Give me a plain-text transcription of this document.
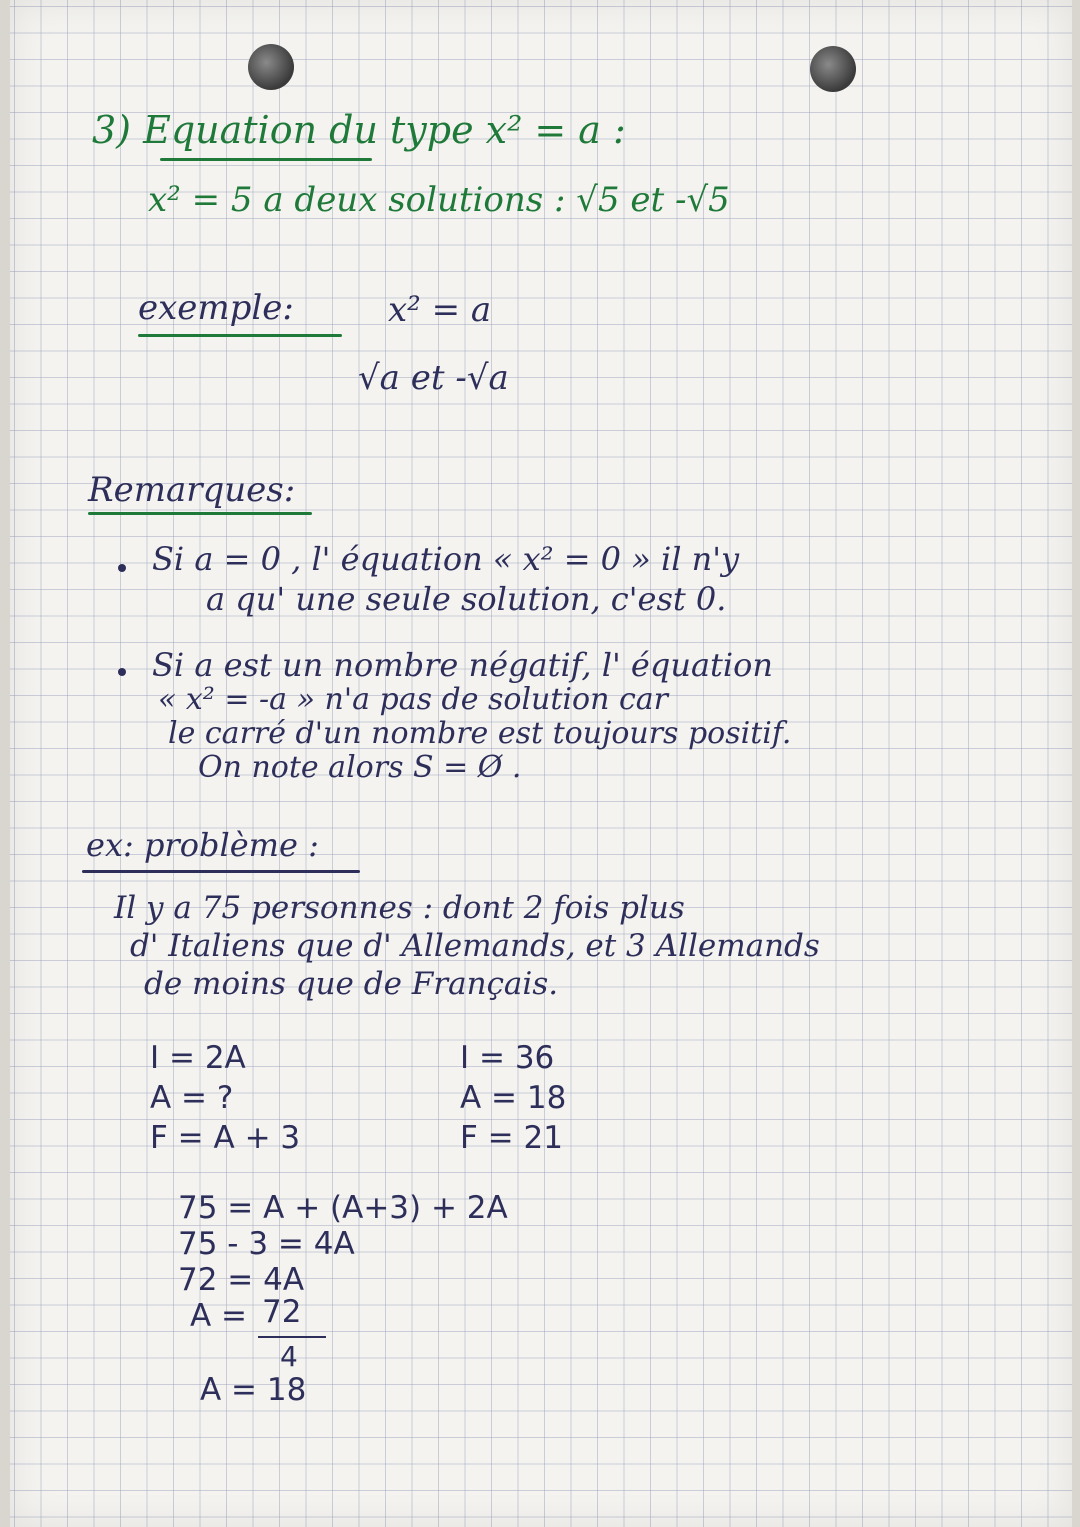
3) Equation du type x² = a :
x² = 5 a deux solutions : √5 et -√5
exemple:	x² = a
√a et -√a
Remarques:
Si a = 0 , l' équation « x² = 0 » il n'y
a qu' une seule solution, c'est 0.
Si a est un nombre négatif, l' équation
« x² = -a » n'a pas de solution car
le carré d'un nombre est toujours positif.
On note alors S = Ø .
ex: problème :
Il y a 75 personnes : dont 2 fois plus
d' Italiens que d' Allemands, et 3 Allemands
de moins que de Français.
I = 2A
A = ?
F = A + 3
I = 36
A = 18
F = 21
75 = A + (A+3) + 2A
75 - 3 = 4A
72 = 4A
A = 72
4
A = 18
